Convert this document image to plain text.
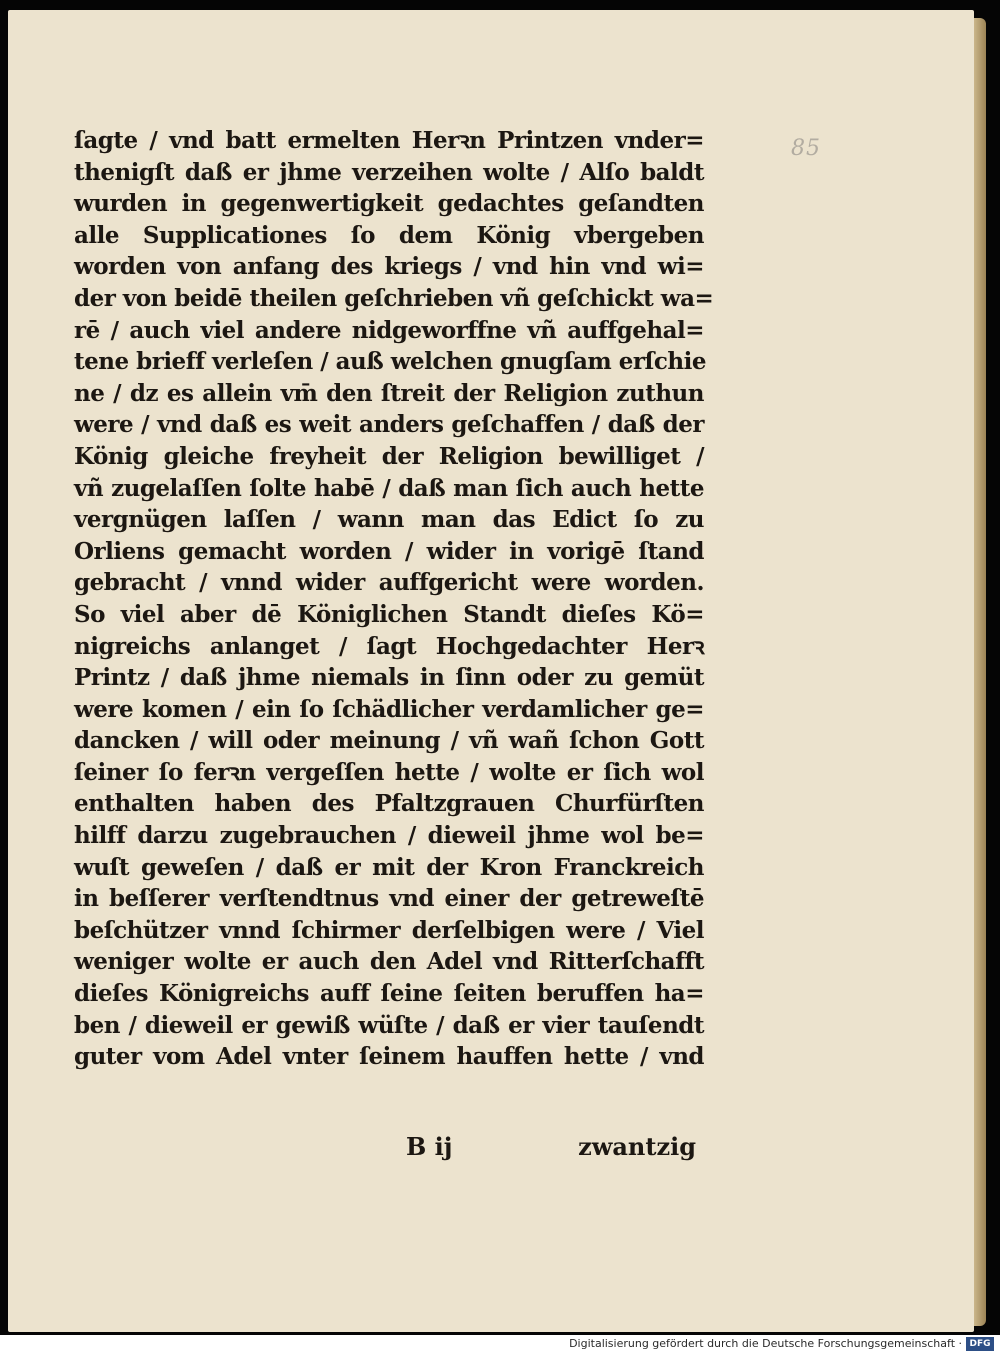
85
ſagte / vnd batt ermelten Herꝛn Printzen vnder=
thenigſt daß er jhme verzeihen wolte / Alſo baldt
wurden in gegenwertigkeit gedachtes geſandten
alle Supplicationes ſo dem König vbergeben
worden von anfang des kriegs / vnd hin vnd wi=
der von beidē theilen geſchrieben vñ geſchickt wa=
rē / auch viel andere nidgeworffne vñ auffgehal=
tene brieff verleſen / auß welchen gnugſam erſchie
ne / dz es allein vm̄ den ſtreit der Religion zuthun
were / vnd daß es weit anders geſchaffen / daß der
König gleiche freyheit der Religion bewilliget /
vñ zugelaſſen ſolte habē / daß man ſich auch hette
vergnügen laſſen / wann man das Edict ſo zu
Orliens gemacht worden / wider in vorigē ſtand
gebracht / vnnd wider auffgericht were worden.
So viel aber dē Königlichen Standt dieſes Kö=
nigreichs anlanget / ſagt Hochgedachter Herꝛ
Printz / daß jhme niemals in ſinn oder zu gemüt
were komen / ein ſo ſchädlicher verdamlicher ge=
dancken / will oder meinung / vñ wañ ſchon Gott
ſeiner ſo ferꝛn vergeſſen hette / wolte er ſich wol
enthalten haben des Pfaltzgrauen Churfürſten
hilff darzu zugebrauchen / dieweil jhme wol be=
wuſt geweſen / daß er mit der Kron Franckreich
in beſſerer verſtendtnus vnd einer der getreweſtē
beſchützer vnnd ſchirmer derſelbigen were / Viel
weniger wolte er auch den Adel vnd Ritterſchafft
dieſes Königreichs auff ſeine ſeiten beruffen ha=
ben / dieweil er gewiß wüſte / daß er vier tauſendt
guter vom Adel vnter ſeinem hauffen hette / vnd
B ij	zwantzig
Digitalisierung gefördert durch die Deutsche Forschungsgemeinschaft · DFG
